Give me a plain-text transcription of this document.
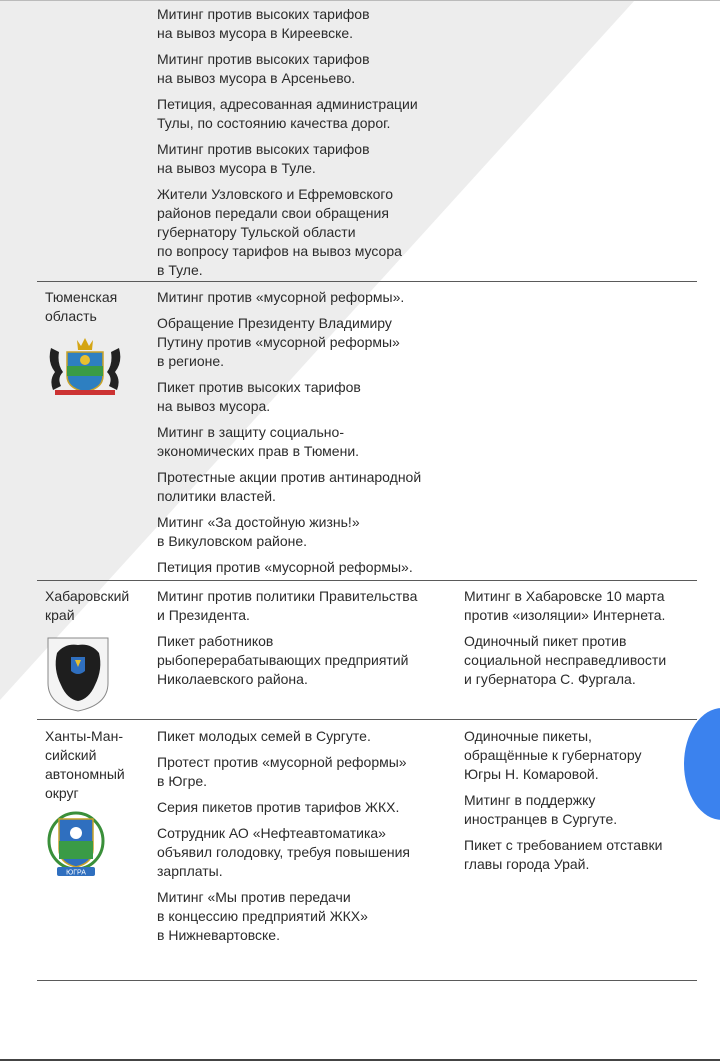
Митинг против высоких тарифов
на вывоз мусора в Киреевске.

Митинг против высоких тарифов
на вывоз мусора в Арсеньево.

Петиция, адресованная администрации
Тулы, по состоянию качества дорог.

Митинг против высоких тарифов
на вывоз мусора в Туле.

Жители Узловского и Ефремовского
районов передали свои обращения
губернатору Тульской области
по вопросу тарифов на вывоз мусора
в Туле.

Тюменская
область

Митинг против «мусорной реформы».

Обращение Президенту Владимиру
Путину против «мусорной реформы»
в регионе.

Пикет против высоких тарифов
на вывоз мусора.

Митинг в защиту социально-
экономических прав в Тюмени.

Протестные акции против антинародной
политики властей.

Митинг «За достойную жизнь!»
в Викуловском районе.

Петиция против «мусорной реформы».

Хабаровский
край

Митинг против политики Правительства
и Президента.

Пикет работников
рыбоперерабатывающих предприятий
Николаевского района.

Митинг в Хабаровске 10 марта
против «изоляции» Интернета.

Одиночный пикет против
социальной несправедливости
и губернатора С. Фургала.

Ханты-Ман-
сийский
автономный
округ
ЮГРА

Пикет молодых семей в Сургуте.

Протест против «мусорной реформы»
в Югре.

Серия пикетов против тарифов ЖКХ.

Сотрудник АО «Нефтеавтоматика»
объявил голодовку, требуя повышения
зарплаты.

Митинг «Мы против передачи
в концессию предприятий ЖКХ»
в Нижневартовске.

Одиночные пикеты,
обращённые к губернатору
Югры Н. Комаровой.

Митинг в поддержку
иностранцев в Сургуте.

Пикет с требованием отставки
главы города Урай.
